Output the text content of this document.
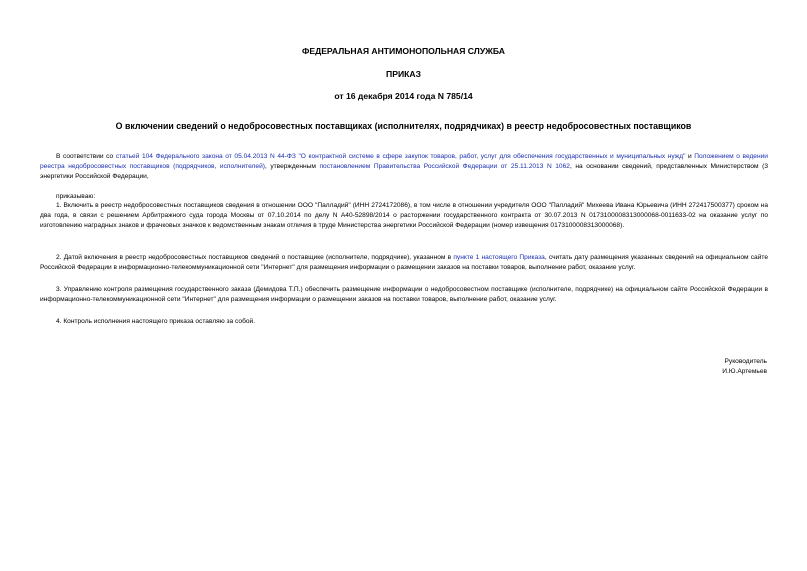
ФЕДЕРАЛЬНАЯ АНТИМОНОПОЛЬНАЯ СЛУЖБА
ПРИКАЗ
от 16 декабря 2014 года N 785/14
О включении сведений о недобросовестных поставщиках (исполнителях, подрядчиках) в реестр недобросовестных поставщиков
В соответствии со статьей 104 Федерального закона от 05.04.2013 N 44-ФЗ "О контрактной системе в сфере закупок товаров, работ, услуг для обеспечения государственных и муниципальных нужд" и Положением о ведении реестра недобросовестных поставщиков (подрядчиков, исполнителей), утвержденным постановлением Правительства Российской Федерации от 25.11.2013 N 1062, на основании сведений, представленных Министерством (3 энергетики Российской Федерации,
приказываю:
1. Включить в реестр недобросовестных поставщиков сведения в отношении ООО "Палладий" (ИНН 2724172086), в том числе в отношении учредителя ООО "Палладий" Михеева Ивана Юрьевича (ИНН 272417500377) сроком на два года, в связи с решением Арбитражного суда города Москвы от 07.10.2014 по делу N А40-52898/2014 о расторжении государственного контракта от 30.07.2013 N 0173100008313000068-0011633-02 на оказание услуг по изготовлению наградных знаков и фрачковых значков к ведомственным знакам отличия в труде Министерства энергетики Российской Федерации (номер извещения 0173100008313000068).
2. Датой включения в реестр недобросовестных поставщиков сведений о поставщике (исполнителе, подрядчике), указанном в пункте 1 настоящего Приказа, считать дату размещения указанных сведений на официальном сайте Российской Федерации в информационно-телекоммуникационной сети "Интернет" для размещения информации о размещении заказов на поставки товаров, выполнение работ, оказание услуг.
3. Управлению контроля размещения государственного заказа (Демидова Т.П.) обеспечить размещение информации о недобросовестном поставщике (исполнителе, подрядчике) на официальном сайте Российской Федерации в информационно-телекоммуникационной сети "Интернет" для размещения информации о размещении заказов на поставки товаров, выполнение работ, оказание услуг.
4. Контроль исполнения настоящего приказа оставляю за собой.
Руководитель
И.Ю.Артемьев
